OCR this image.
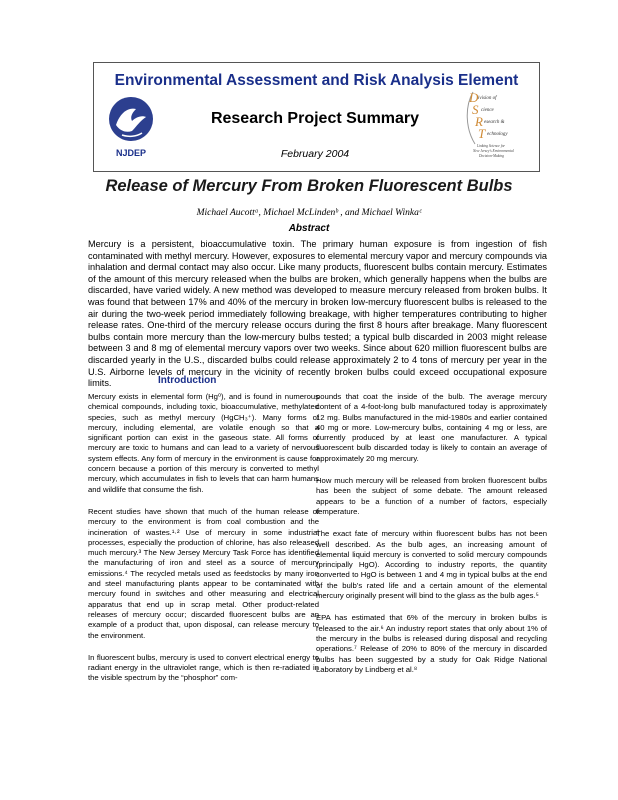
Environmental Assessment and Risk Analysis Element
NJDEP
Research Project Summary
February 2004
D ivision of
S cience
R esearch &
T echnology
Linking Science for
New Jersey's Environmental
Decision-Making
Release of Mercury From Broken Fluorescent Bulbs
Michael Aucottᵃ, Michael McLindenᵇ , and Michael Winkaᶜ
Abstract

Mercury is a persistent, bioaccumulative toxin. The primary human exposure is from ingestion of fish contaminated with methyl mercury. However, exposures to elemental mercury vapor and mercury compounds via inhalation and dermal contact may also occur. Like many products, fluorescent bulbs contain mercury. Estimates of the amount of this mercury released when the bulbs are broken, which generally happens when the bulbs are discarded, have varied widely. A new method was developed to measure mercury released from broken bulbs. It was found that between 17% and 40% of the mercury in broken low-mercury fluorescent bulbs is released to the air during the two-week period immediately following breakage, with higher temperatures contributing to higher release rates. One-third of the mercury release occurs during the first 8 hours after breakage. Many fluorescent bulbs contain more mercury than the low-mercury bulbs tested; a typical bulb discarded in 2003 might release between 3 and 8 mg of elemental mercury vapors over two weeks. Since about 620 million fluorescent bulbs are discarded yearly in the U.S., discarded bulbs could release approximately 2 to 4 tons of mercury per year in the U.S. Airborne levels of mercury in the vicinity of recently broken bulbs could exceed occupational exposure limits.	Introduction

Mercury exists in elemental form (Hg⁰), and is found in numerous chemical compounds, including toxic, bioaccumulative, methylated species, such as methyl mercury (HgCH₃⁺). Many forms of mercury, including elemental, are volatile enough so that a significant portion can exist in the gaseous state. All forms of mercury are toxic to humans and can lead to a variety of nervous system effects. Any form of mercury in the environment is cause for concern because a portion of this mercury is converted to methyl mercury, which accumulates in fish to levels that can harm humans and wildlife that consume the fish.

Recent studies have shown that much of the human release of mercury to the environment is from coal combustion and the incineration of wastes.¹·² Use of mercury in some industrial processes, especially the production of chlorine, has also released much mercury.³ The New Jersey Mercury Task Force has identified the manufacturing of iron and steel as a source of mercury emissions.⁴ The recycled metals used as feedstocks by many iron and steel manufacturing plants appear to be contaminated with mercury found in switches and other measuring and electrical apparatus that end up in scrap metal. Other product-related releases of mercury occur; discarded fluorescent bulbs are an example of a product that, upon disposal, can release mercury to the environment.

In fluorescent bulbs, mercury is used to convert electrical energy to radiant energy in the ultraviolet range, which is then re-radiated in the visible spectrum by the “phosphor” com-

pounds that coat the inside of the bulb. The average mercury content of a 4-foot-long bulb manufactured today is approximately 12 mg. Bulbs manufactured in the mid-1980s and earlier contained 40 mg or more. Low-mercury bulbs, containing 4 mg or less, are currently produced by at least one manufacturer. A typical fluorescent bulb discarded today is likely to contain an average of approximately 20 mg mercury.

How much mercury will be released from broken fluorescent bulbs has been the subject of some debate. The amount released appears to be a function of a number of factors, especially temperature.

The exact fate of mercury within fluorescent bulbs has not been well described. As the bulb ages, an increasing amount of elemental liquid mercury is converted to solid mercury compounds (principally HgO). According to industry reports, the quantity converted to HgO is between 1 and 4 mg in typical bulbs at the end of the bulb’s rated life and a certain amount of the elemental mercury originally present will bind to the glass as the bulb ages.⁵

EPA has estimated that 6% of the mercury in broken bulbs is released to the air.⁶ An industry report states that only about 1% of the mercury in the bulbs is released during disposal and recycling operations.⁷ Release of 20% to 80% of the mercury in discarded bulbs has been suggested by a study for Oak Ridge National Laboratory by Lindberg et al.⁸
